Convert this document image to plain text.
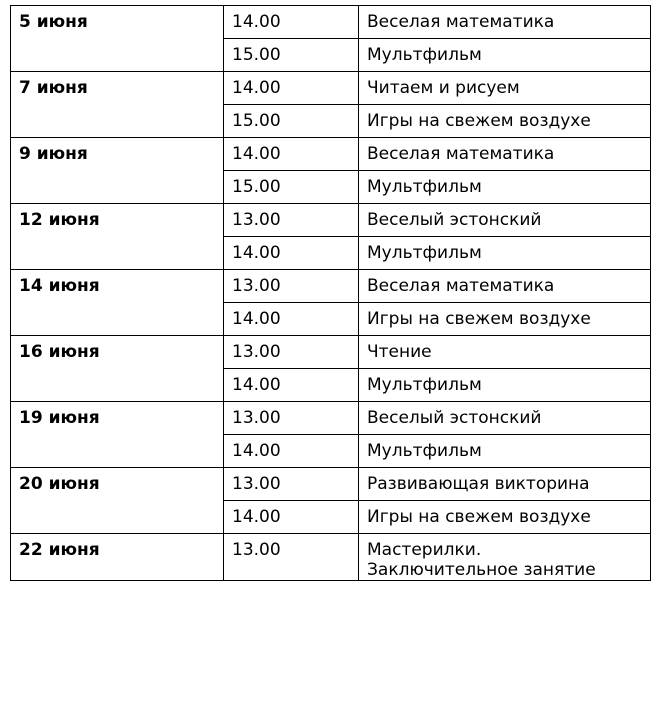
5 июня	14.00	Веселая математика
	15.00	Мультфильм
7 июня	14.00	Читаем и рисуем
	15.00	Игры на свежем воздухе
9 июня	14.00	Веселая математика
	15.00	Мультфильм
12 июня	13.00	Веселый эстонский
	14.00	Мультфильм
14 июня	13.00	Веселая математика
	14.00	Игры на свежем воздухе
16 июня	13.00	Чтение
	14.00	Мультфильм
19 июня	13.00	Веселый эстонский
	14.00	Мультфильм
20 июня	13.00	Развивающая викторина
	14.00	Игры на свежем воздухе
22 июня	13.00	Мастерилки.
Заключительное занятие
